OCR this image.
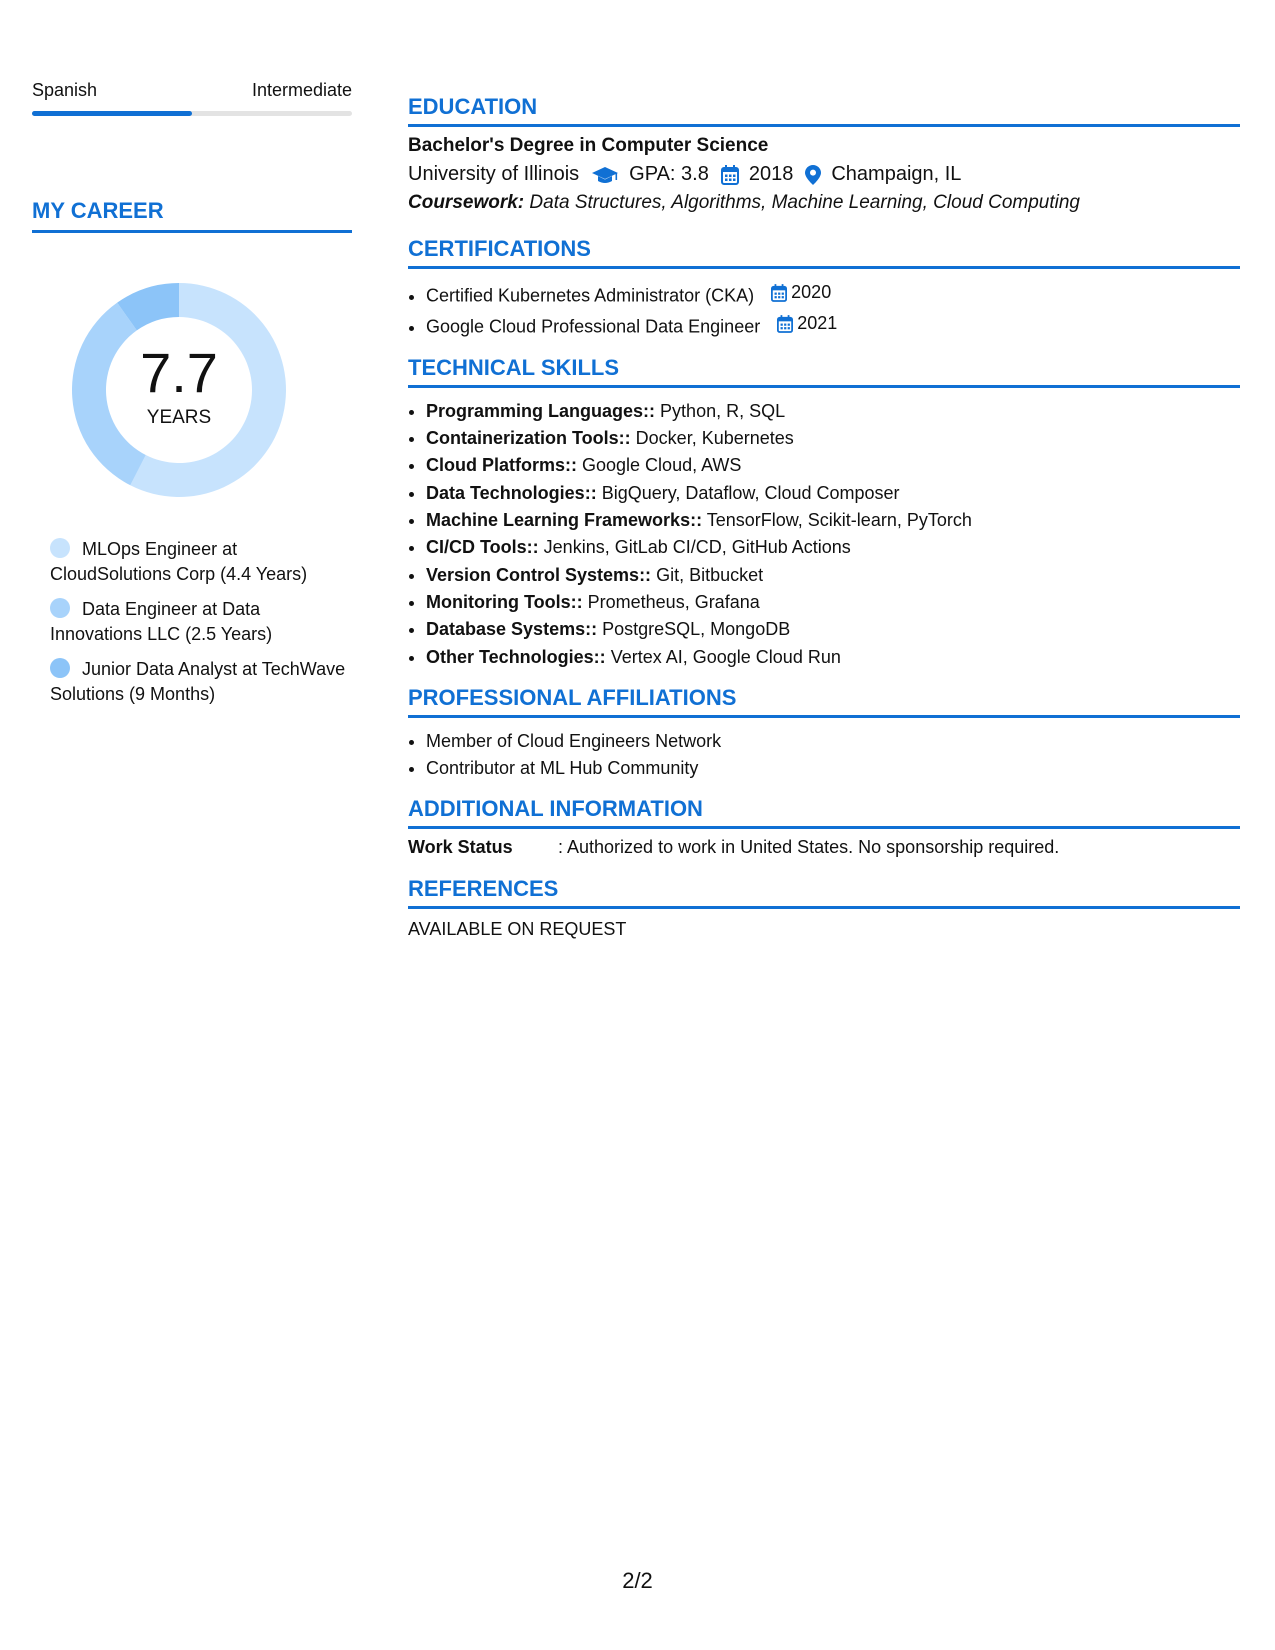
Spanish	Intermediate
MY CAREER
7.7
YEARS
MLOps Engineer at CloudSolutions Corp (4.4 Years)
Data Engineer at Data Innovations LLC (2.5 Years)
Junior Data Analyst at TechWave Solutions (9 Months)
EDUCATION
Bachelor's Degree in Computer Science
University of Illinois	GPA: 3.8 2018 Champaign, IL
Coursework: Data Structures, Algorithms, Machine Learning, Cloud Computing
CERTIFICATIONS
• Certified Kubernetes Administrator (CKA) 2020
• Google Cloud Professional Data Engineer 2021
TECHNICAL SKILLS
• Programming Languages:: Python, R, SQL
• Containerization Tools:: Docker, Kubernetes
• Cloud Platforms:: Google Cloud, AWS
• Data Technologies:: BigQuery, Dataflow, Cloud Composer
• Machine Learning Frameworks:: TensorFlow, Scikit-learn, PyTorch
• CI/CD Tools:: Jenkins, GitLab CI/CD, GitHub Actions
• Version Control Systems:: Git, Bitbucket
• Monitoring Tools:: Prometheus, Grafana
• Database Systems:: PostgreSQL, MongoDB
• Other Technologies:: Vertex AI, Google Cloud Run
PROFESSIONAL AFFILIATIONS
• Member of Cloud Engineers Network
• Contributor at ML Hub Community
ADDITIONAL INFORMATION
Work Status	: Authorized to work in United States. No sponsorship required.
REFERENCES
AVAILABLE ON REQUEST
2/2
